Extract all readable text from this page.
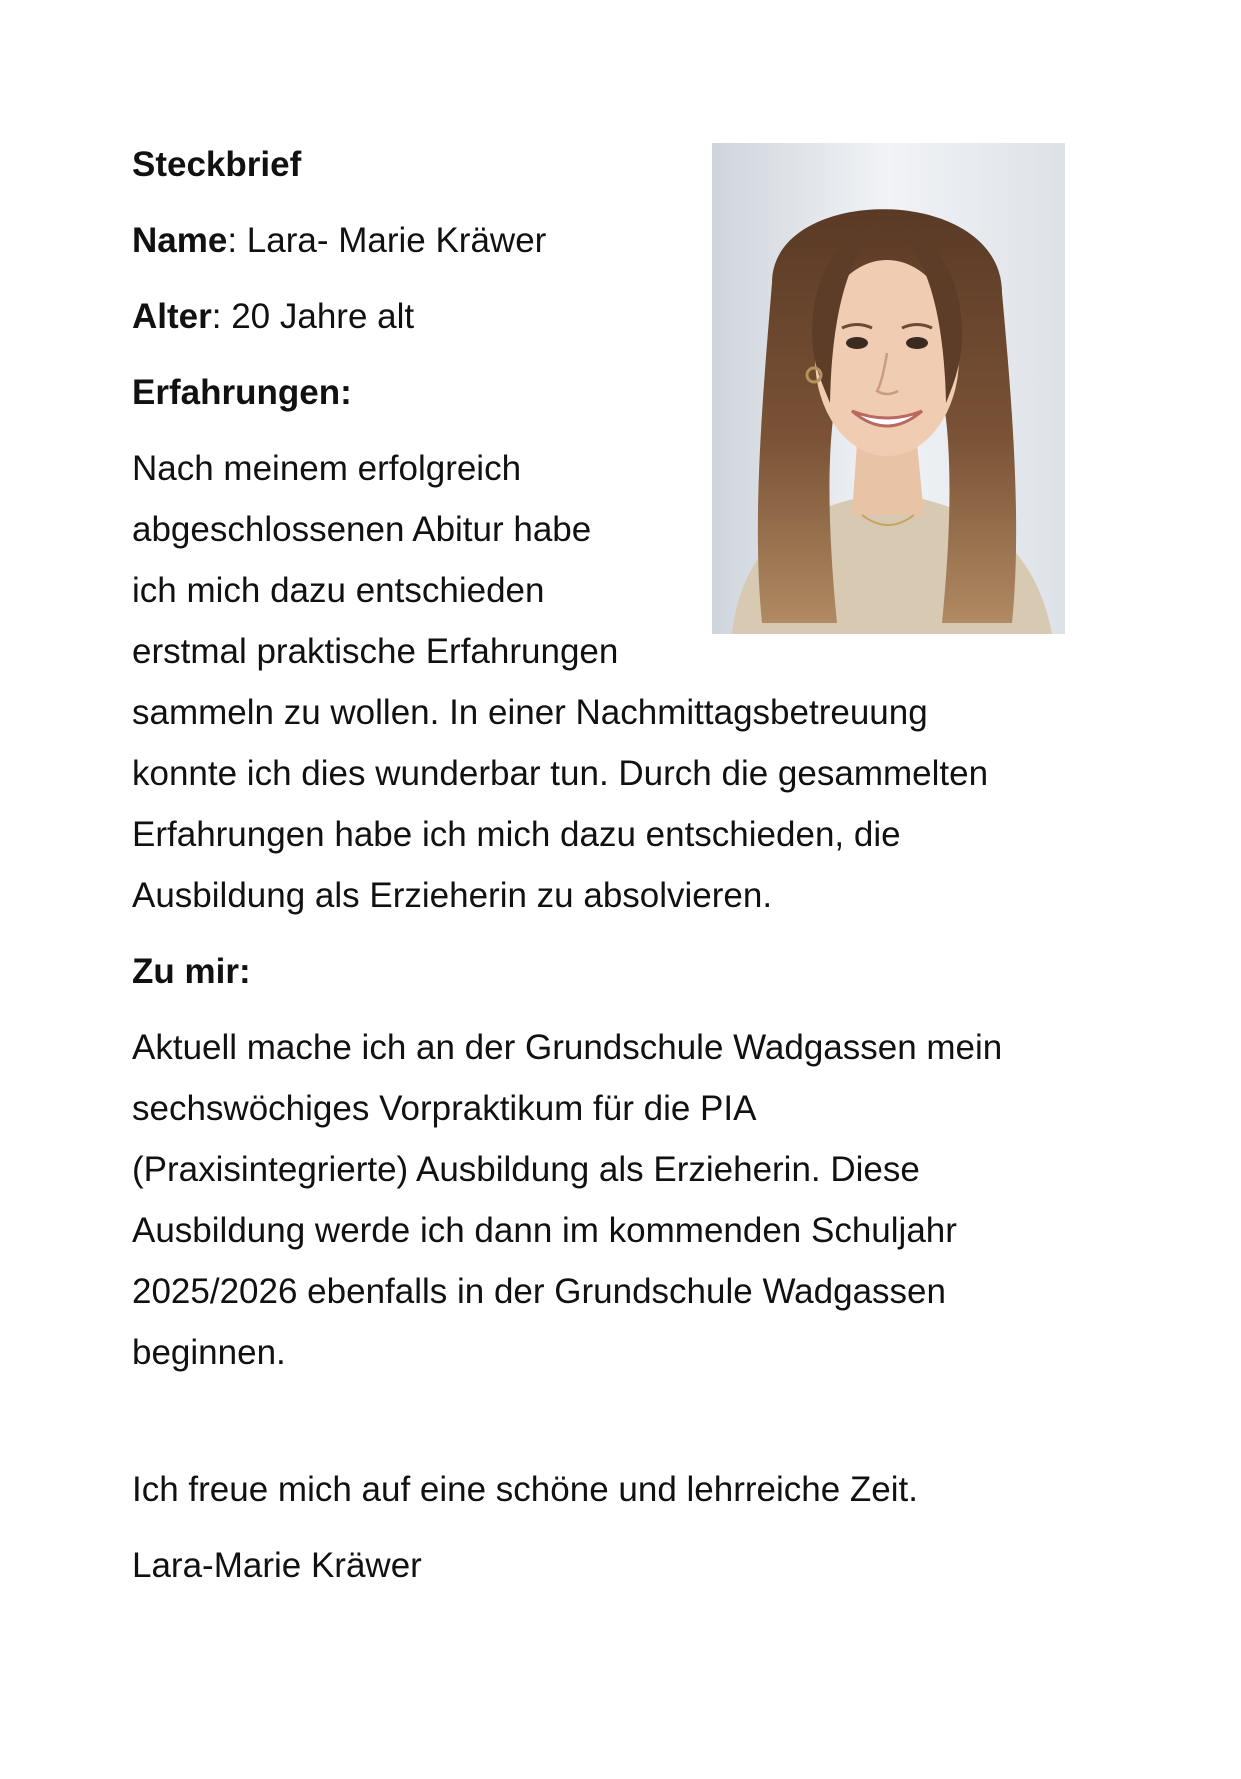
Steckbrief

Name: Lara- Marie Kräwer

Alter: 20 Jahre alt

Erfahrungen:

Nach meinem erfolgreich

abgeschlossenen Abitur habe

ich mich dazu entschieden

erstmal praktische Erfahrungen

sammeln zu wollen. In einer Nachmittagsbetreuung

konnte ich dies wunderbar tun. Durch die gesammelten

Erfahrungen habe ich mich dazu entschieden, die

Ausbildung als Erzieherin zu absolvieren.

Zu mir:

Aktuell mache ich an der Grundschule Wadgassen mein

sechswöchiges Vorpraktikum für die PIA

(Praxisintegrierte) Ausbildung als Erzieherin. Diese

Ausbildung werde ich dann im kommenden Schuljahr

2025/2026 ebenfalls in der Grundschule Wadgassen

beginnen.

Ich freue mich auf eine schöne und lehrreiche Zeit.

Lara-Marie Kräwer
